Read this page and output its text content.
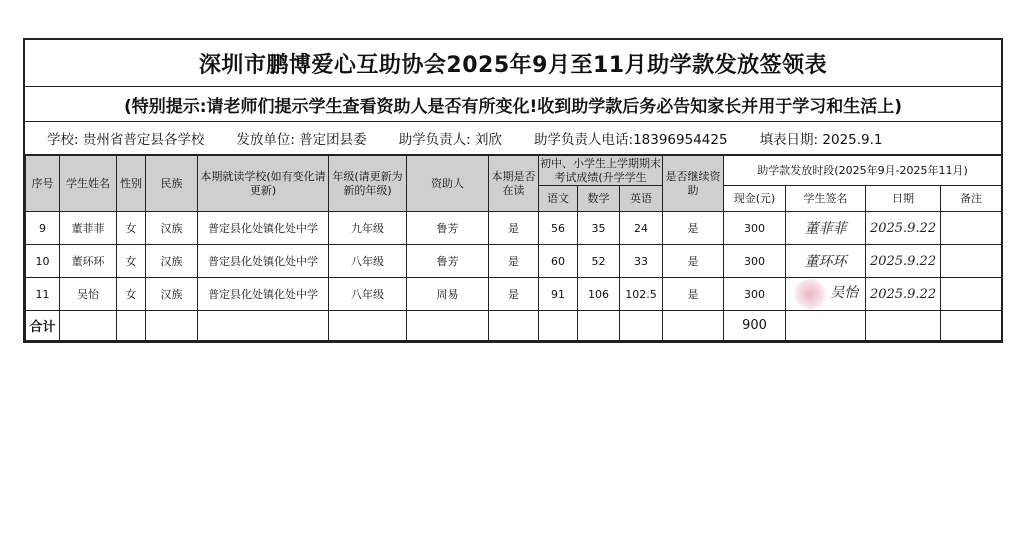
深圳市鹏博爱心互助协会2025年9月至11月助学款发放签领表
(特别提示:请老师们提示学生查看资助人是否有所变化!收到助学款后务必告知家长并用于学习和生活上)
学校: 贵州省普定县各学校 发放单位: 普定团县委 助学负责人: 刘欣 助学负责人电话:18396954425 填表日期: 2025.9.1
序号	学生姓名	性别	民族	本期就读学校(如有变化请更新)	年级(请更新为新的年级)	资助人	本期是否在读	初中、小学生上学期期末考试成绩(升学学生			是否继续资助	助学款发放时段(2025年9月-2025年11月)			
								语文	数学	英语		现金(元)	学生签名	日期	备注
9	董菲菲	女	汉族	普定县化处镇化处中学	九年级	鲁芳	是	56	35	24	是	300	董菲菲	2025.9.22	
10	董环环	女	汉族	普定县化处镇化处中学	八年级	鲁芳	是	60	52	33	是	300	董环环	2025.9.22	
11	吴怡	女	汉族	普定县化处镇化处中学	八年级	周易	是	91	106	102.5	是	300	吴怡	2025.9.22	
合计												900			
